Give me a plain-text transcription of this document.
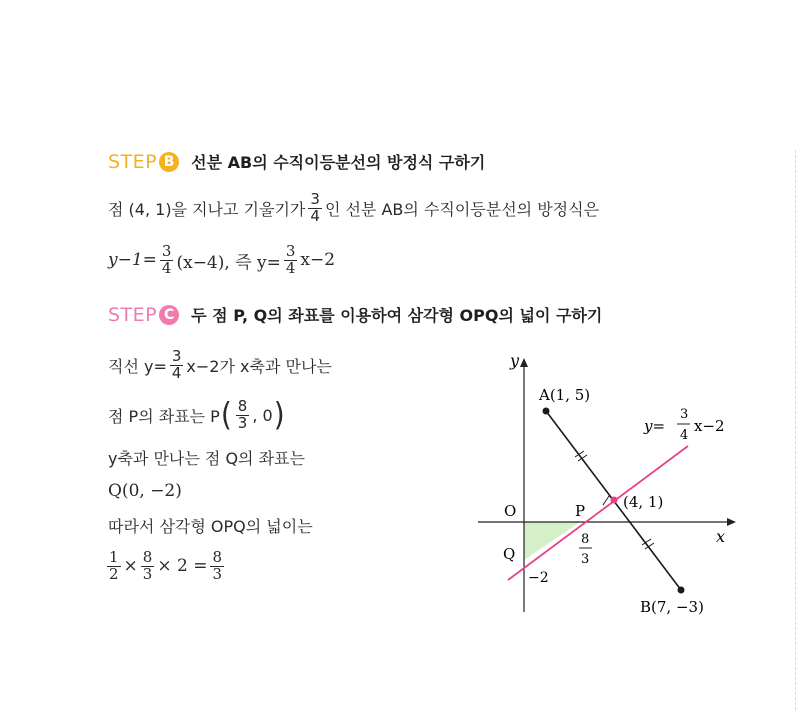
STEP B 선분 AB의 수직이등분선의 방정식 구하기
점 (4, 1)을 지나고 기울기가 $\frac{3}{4}$ 인 선분 AB의 수직이등분선의 방정식은
$y-1= \frac{3}{4} (x-4)$, 즉 $y= \frac{3}{4} x-2$
STEP C	두 점 P, Q의 좌표를 이용하여 삼각형 OPQ의 넓이 구하기
직선 $y= \frac{3}{4} x-2$가 x축과 만나는
점 P의 좌표는 P ( $\frac{8}{3}$ , 0 )
y축과 만나는 점 Q의 좌표는
Q(0, −2)
따라서 삼각형 OPQ의 넓이는
$\frac{1}{2} \times \frac{8}{3} \times 2 = \frac{8}{3}$
y
x
O
A(1, 5)
B(7, −3)
(4, 1)
P
Q
8
3
−2
y=
3
4
x−2
